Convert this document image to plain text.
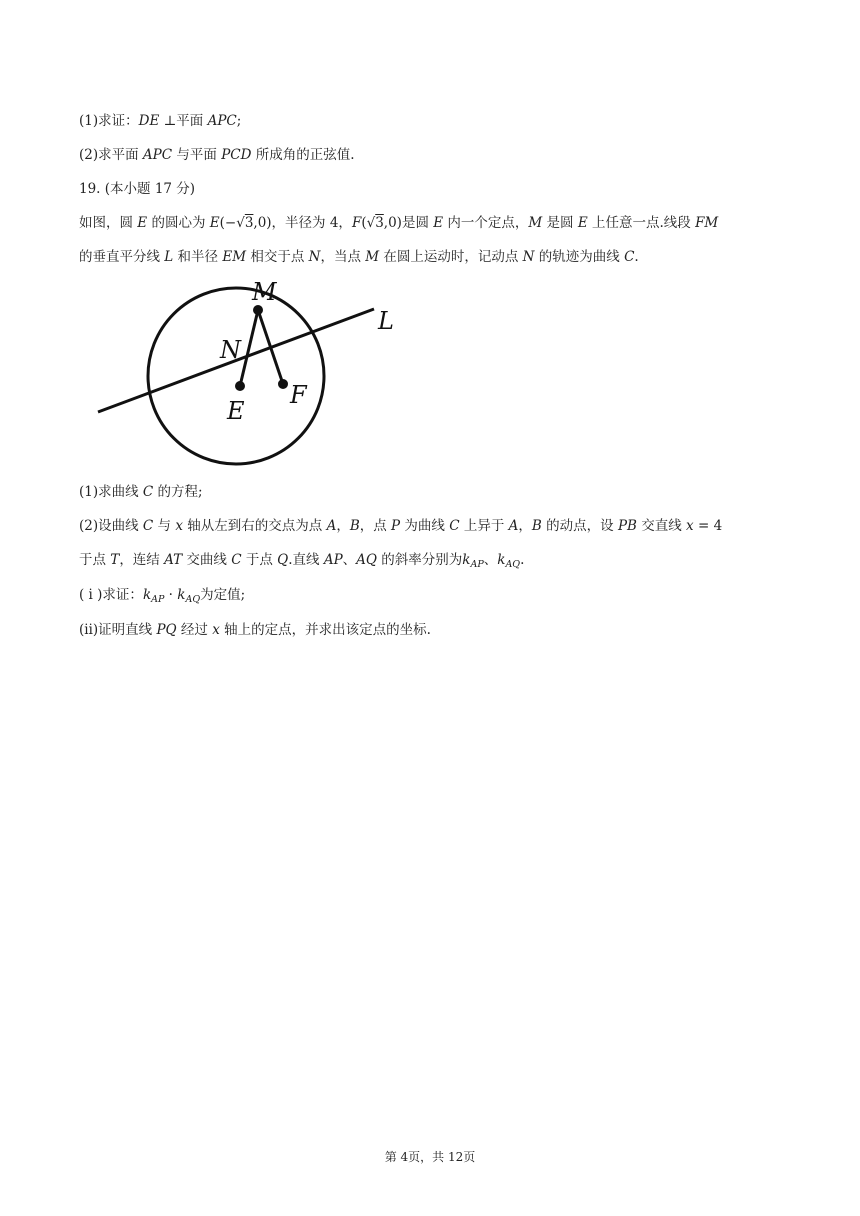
(1)求证：DE ⊥平面 APC;
(2)求平面 APC 与平面 PCD 所成角的正弦值.
19. (本小题 17 分)
如图，圆 E 的圆心为 E(−√3,0)，半径为 4，F(√3,0)是圆 E 内一个定点，M 是圆 E 上任意一点.线段 FM
的垂直平分线 L 和半径 EM 相交于点 N，当点 M 在圆上运动时，记动点 N 的轨迹为曲线 C.
M
L
N
E
F
(1)求曲线 C 的方程;
(2)设曲线 C 与 x 轴从左到右的交点为点 A，B，点 P 为曲线 C 上异于 A，B 的动点，设 PB 交直线 x = 4
于点 T，连结 AT 交曲线 C 于点 Q.直线 AP、AQ 的斜率分别为$k_{AP}$、$k_{AQ}$.
( ⅰ )求证：$k_{AP} \cdot k_{AQ}$为定值;
(ⅱ)证明直线 PQ 经过 x 轴上的定点，并求出该定点的坐标.
第 4页，共 12页
